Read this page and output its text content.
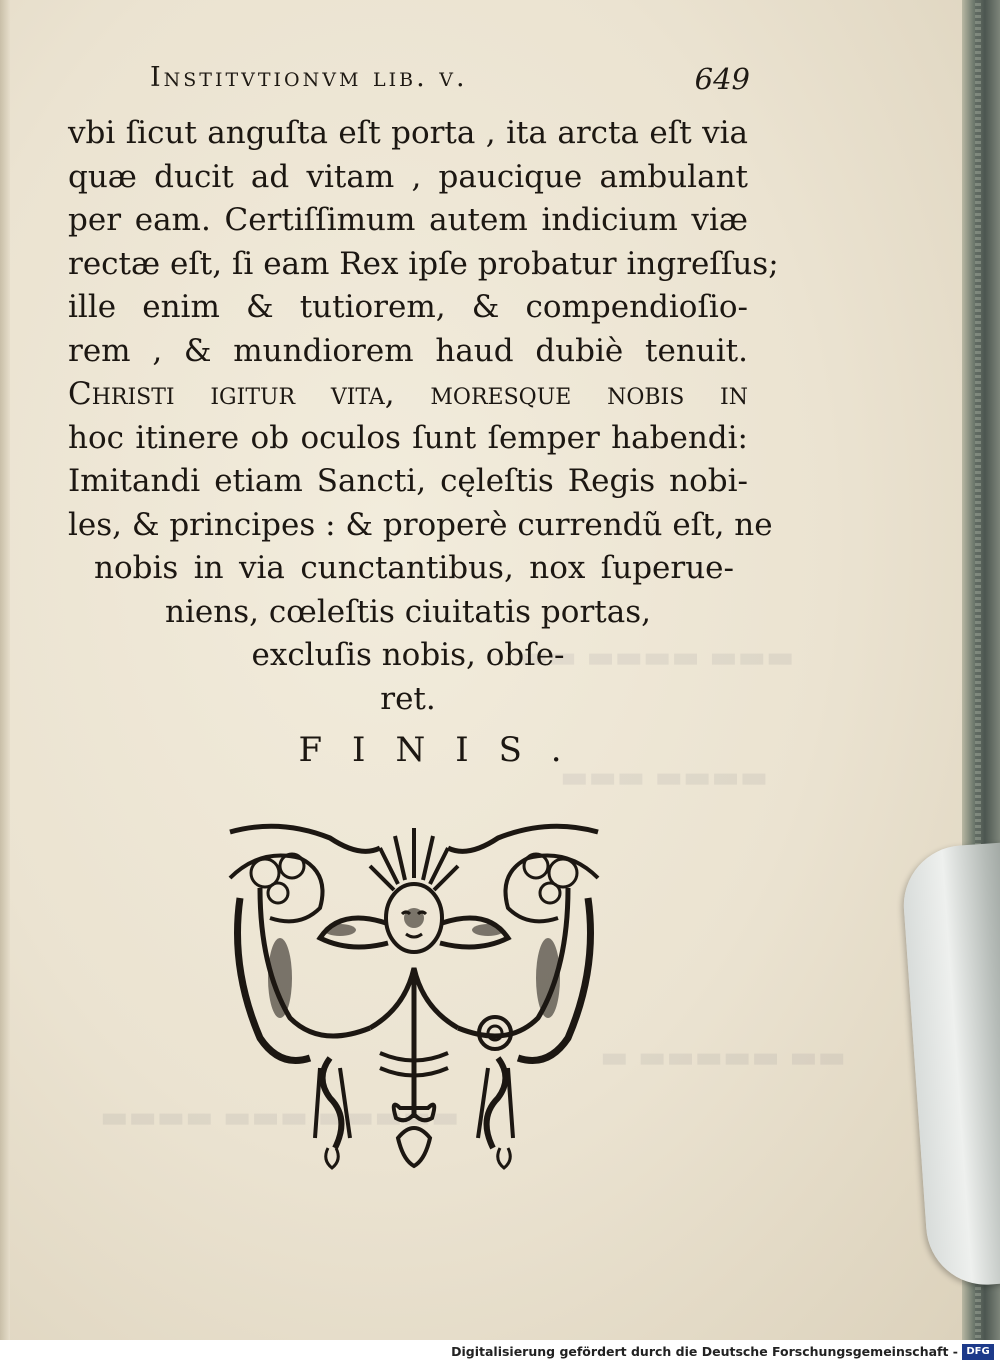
▬▬▬ ▬▬▬▬ ▬▬
▬▬▬▬ ▬▬▬
▬▬ ▬▬▬▬▬ ▬
▬▬▬▬▬ ▬▬▬ ▬▬▬▬
Institvtionvm lib. v.	649
vbi ſicut anguſta eſt porta , ita arcta eſt via
quæ ducit ad vitam , paucique ambulant
per eam. Certiſſimum autem indicium viæ
rectæ eſt, ſi eam Rex ipſe probatur ingreſſus;
ille enim & tutiorem, & compendioſio-
rem , & mundiorem haud dubiè tenuit.
Christi igitur vita, moreſque nobis in
hoc itinere ob oculos ſunt ſemper habendi:
Imitandi etiam Sancti, cęleſtis Regis nobi-
les, & principes : & properè currendũ eſt, ne
nobis in via cunctantibus, nox ſuperue-
niens, cœleſtis ciuitatis portas,
excluſis nobis, obſe-
ret.
FINIS.
Digitalisierung gefördert durch die Deutsche Forschungsgemeinschaft - DFG
